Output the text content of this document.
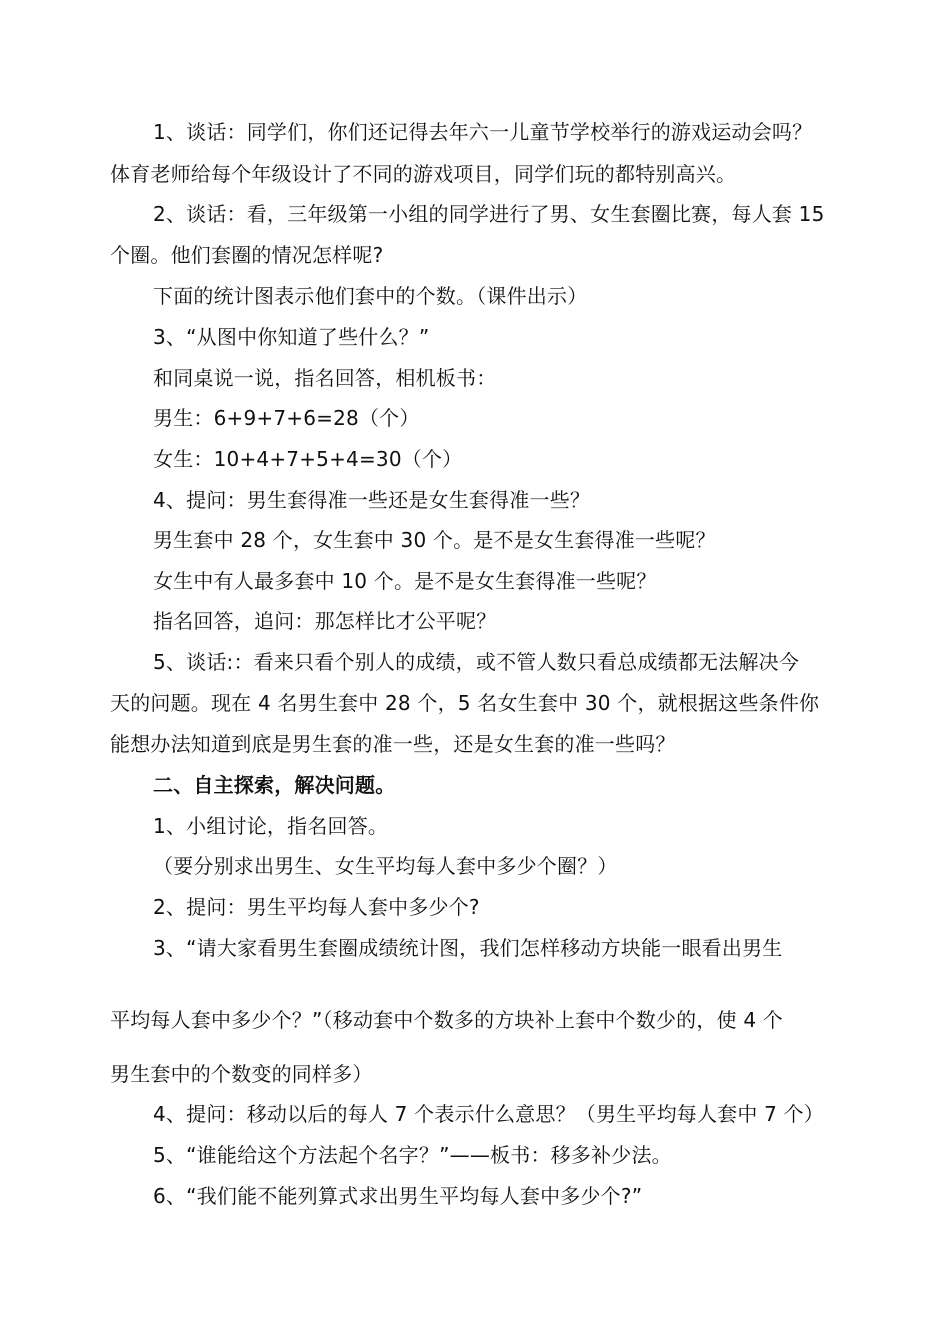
1、谈话：同学们，你们还记得去年六一儿童节学校举行的游戏运动会吗？
体育老师给每个年级设计了不同的游戏项目，同学们玩的都特别高兴。
2、谈话：看，三年级第一小组的同学进行了男、女生套圈比赛，每人套 15
个圈。他们套圈的情况怎样呢?
下面的统计图表示他们套中的个数。（课件出示）
3、“从图中你知道了些什么？”
和同桌说一说，指名回答，相机板书：
男生：6+9+7+6=28（个）
女生：10+4+7+5+4=30（个）
4、提问：男生套得准一些还是女生套得准一些？
男生套中 28 个，女生套中 30 个。是不是女生套得准一些呢？
女生中有人最多套中 10 个。是不是女生套得准一些呢？
指名回答，追问：那怎样比才公平呢？
5、谈话:：看来只看个别人的成绩，或不管人数只看总成绩都无法解决今
天的问题。现在 4 名男生套中 28 个，5 名女生套中 30 个，就根据这些条件你
能想办法知道到底是男生套的准一些，还是女生套的准一些吗？
二、自主探索，解决问题。
1、小组讨论，指名回答。
（要分别求出男生、女生平均每人套中多少个圈？）
2、提问：男生平均每人套中多少个?
3、“请大家看男生套圈成绩统计图，我们怎样移动方块能一眼看出男生
平均每人套中多少个？”（移动套中个数多的方块补上套中个数少的，使 4 个
男生套中的个数变的同样多）
4、提问：移动以后的每人 7 个表示什么意思？（男生平均每人套中 7 个）
5、“谁能给这个方法起个名字？”——板书：移多补少法。
6、“我们能不能列算式求出男生平均每人套中多少个?”
